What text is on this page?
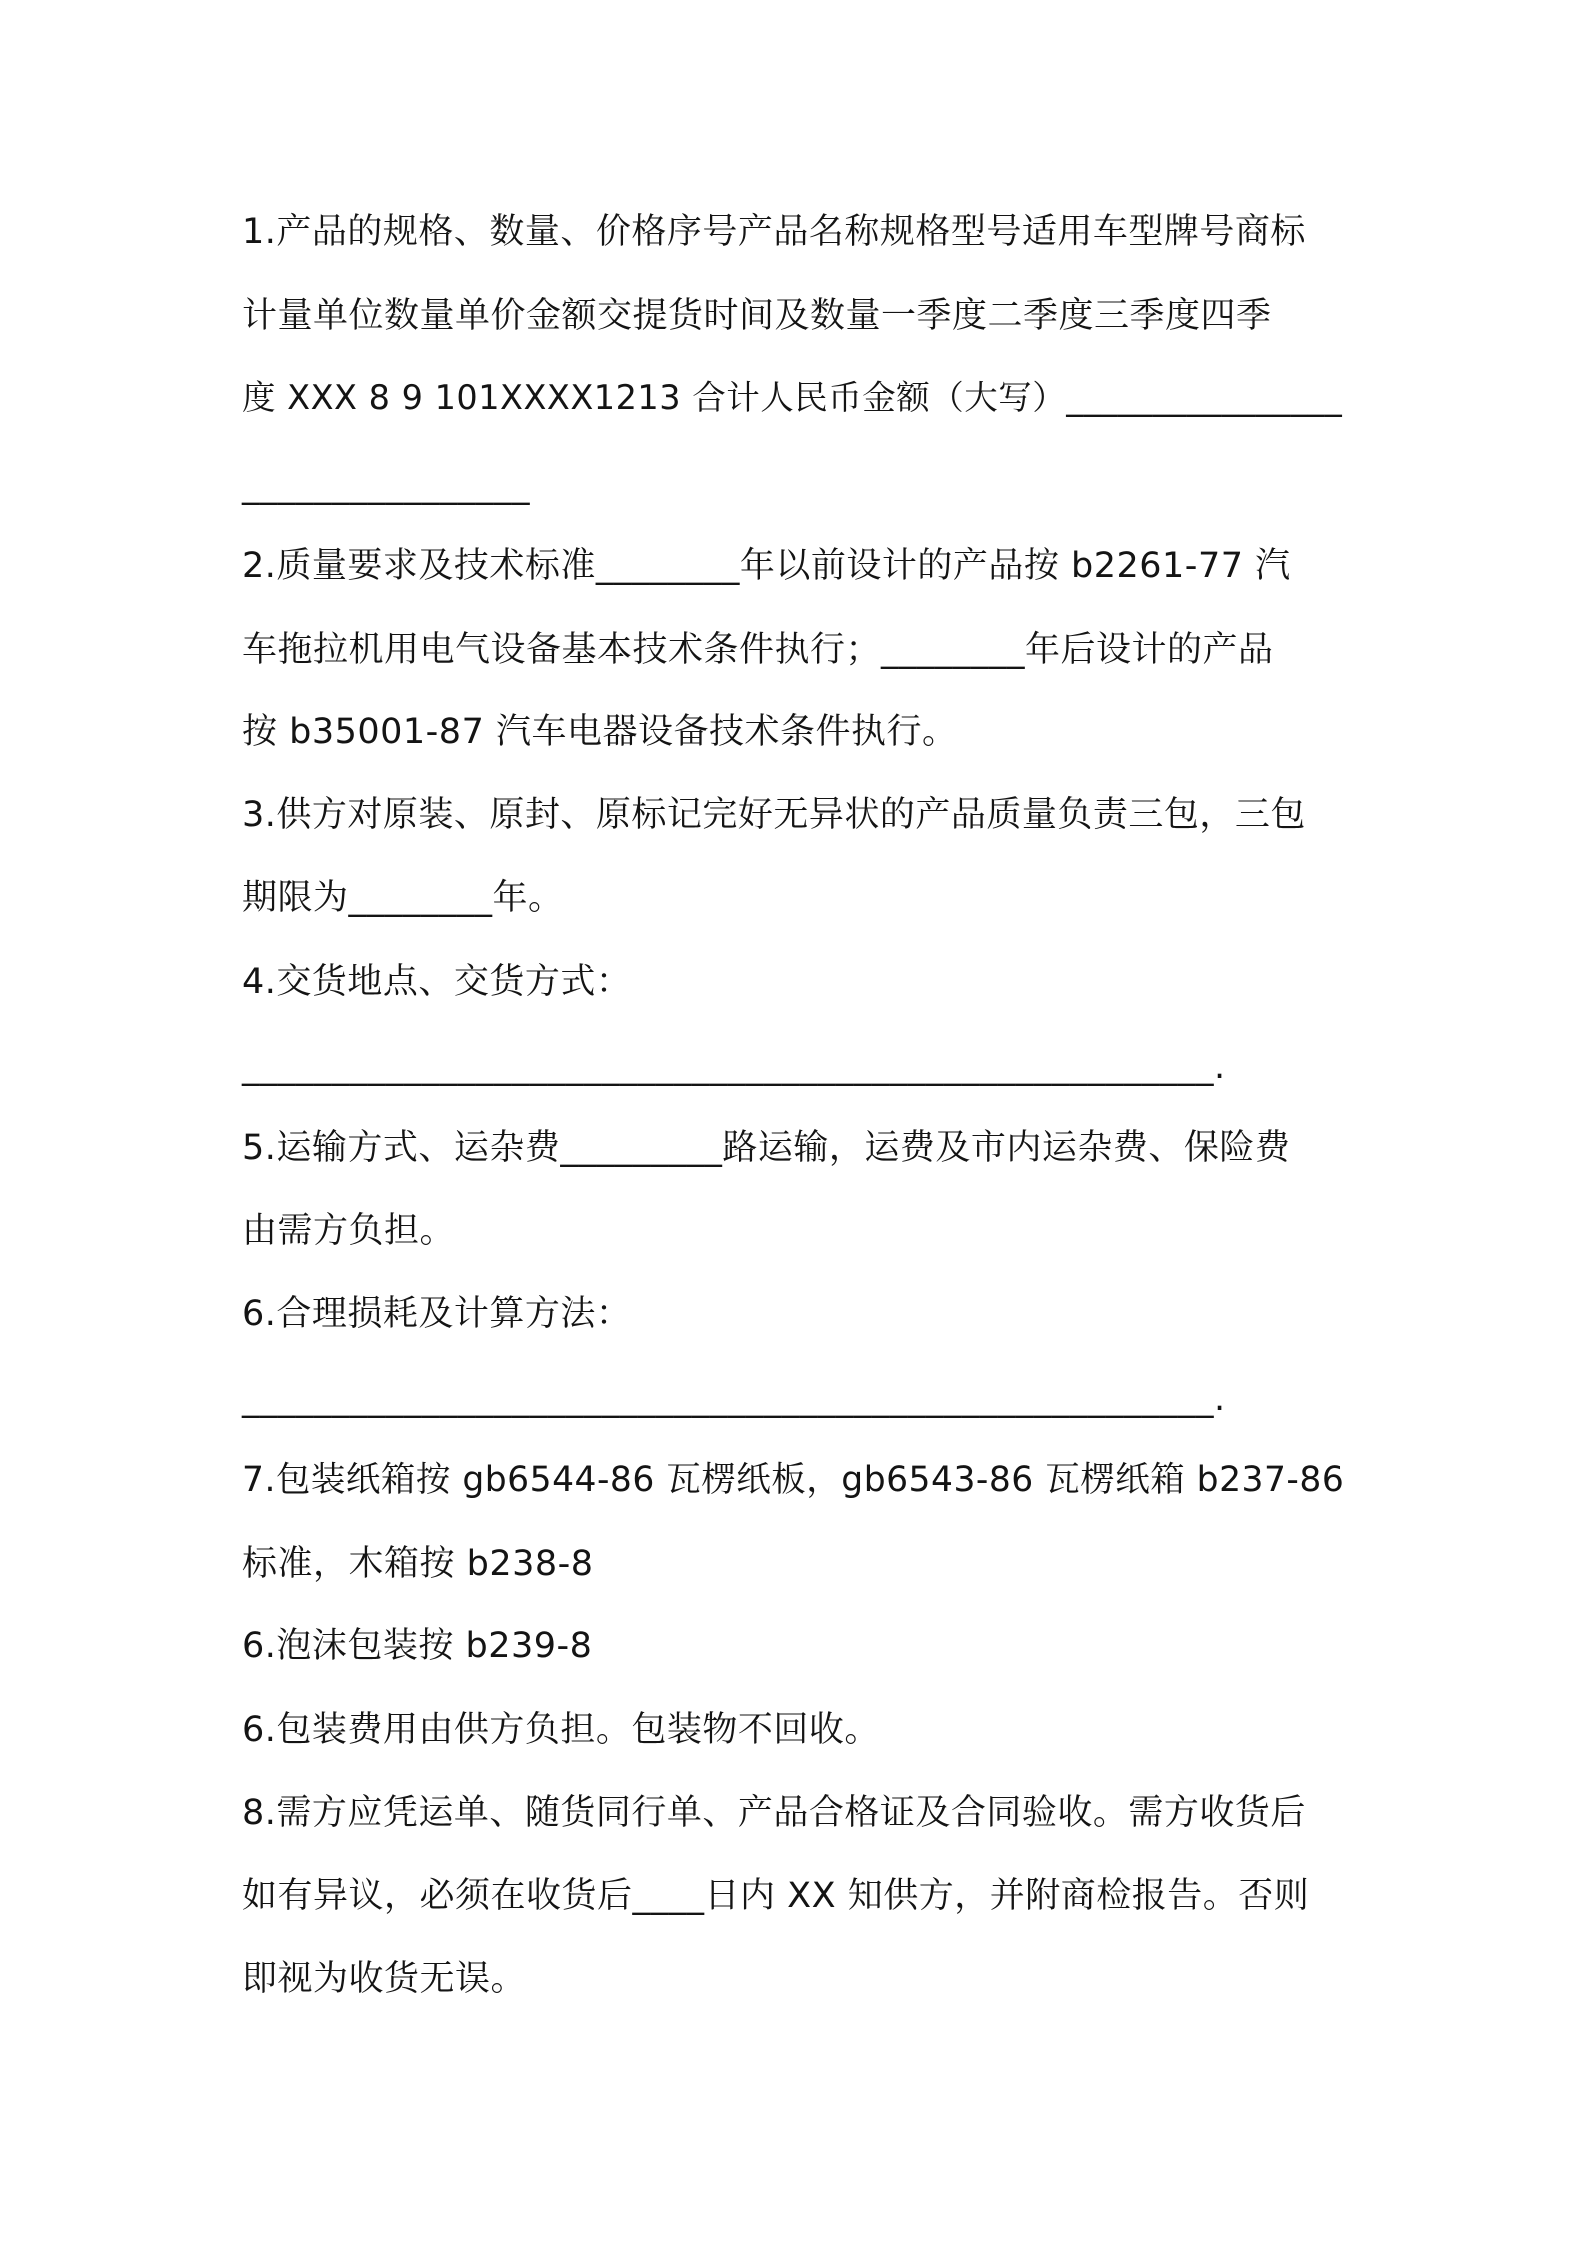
1.产品的规格、数量、价格序号产品名称规格型号适用车型牌号商标
计量单位数量单价金额交提货时间及数量一季度二季度三季度四季
度 XXX 8 9 101XXXX1213 合计人民币金额（大写）________________
________________
2.质量要求及技术标准________年以前设计的产品按 b2261-77 汽
车拖拉机用电气设备基本技术条件执行；________年后设计的产品
按 b35001-87 汽车电器设备技术条件执行。
3.供方对原装、原封、原标记完好无异状的产品质量负责三包，三包
期限为________年。
4.交货地点、交货方式：
______________________________________________________.
5.运输方式、运杂费_________路运输，运费及市内运杂费、保险费
由需方负担。
6.合理损耗及计算方法：
______________________________________________________.
7.包装纸箱按 gb6544-86 瓦楞纸板，gb6543-86 瓦楞纸箱 b237-86
标准，木箱按 b238-8
6.泡沫包装按 b239-8
6.包装费用由供方负担。包装物不回收。
8.需方应凭运单、随货同行单、产品合格证及合同验收。需方收货后
如有异议，必须在收货后____日内 XX 知供方，并附商检报告。否则
即视为收货无误。
